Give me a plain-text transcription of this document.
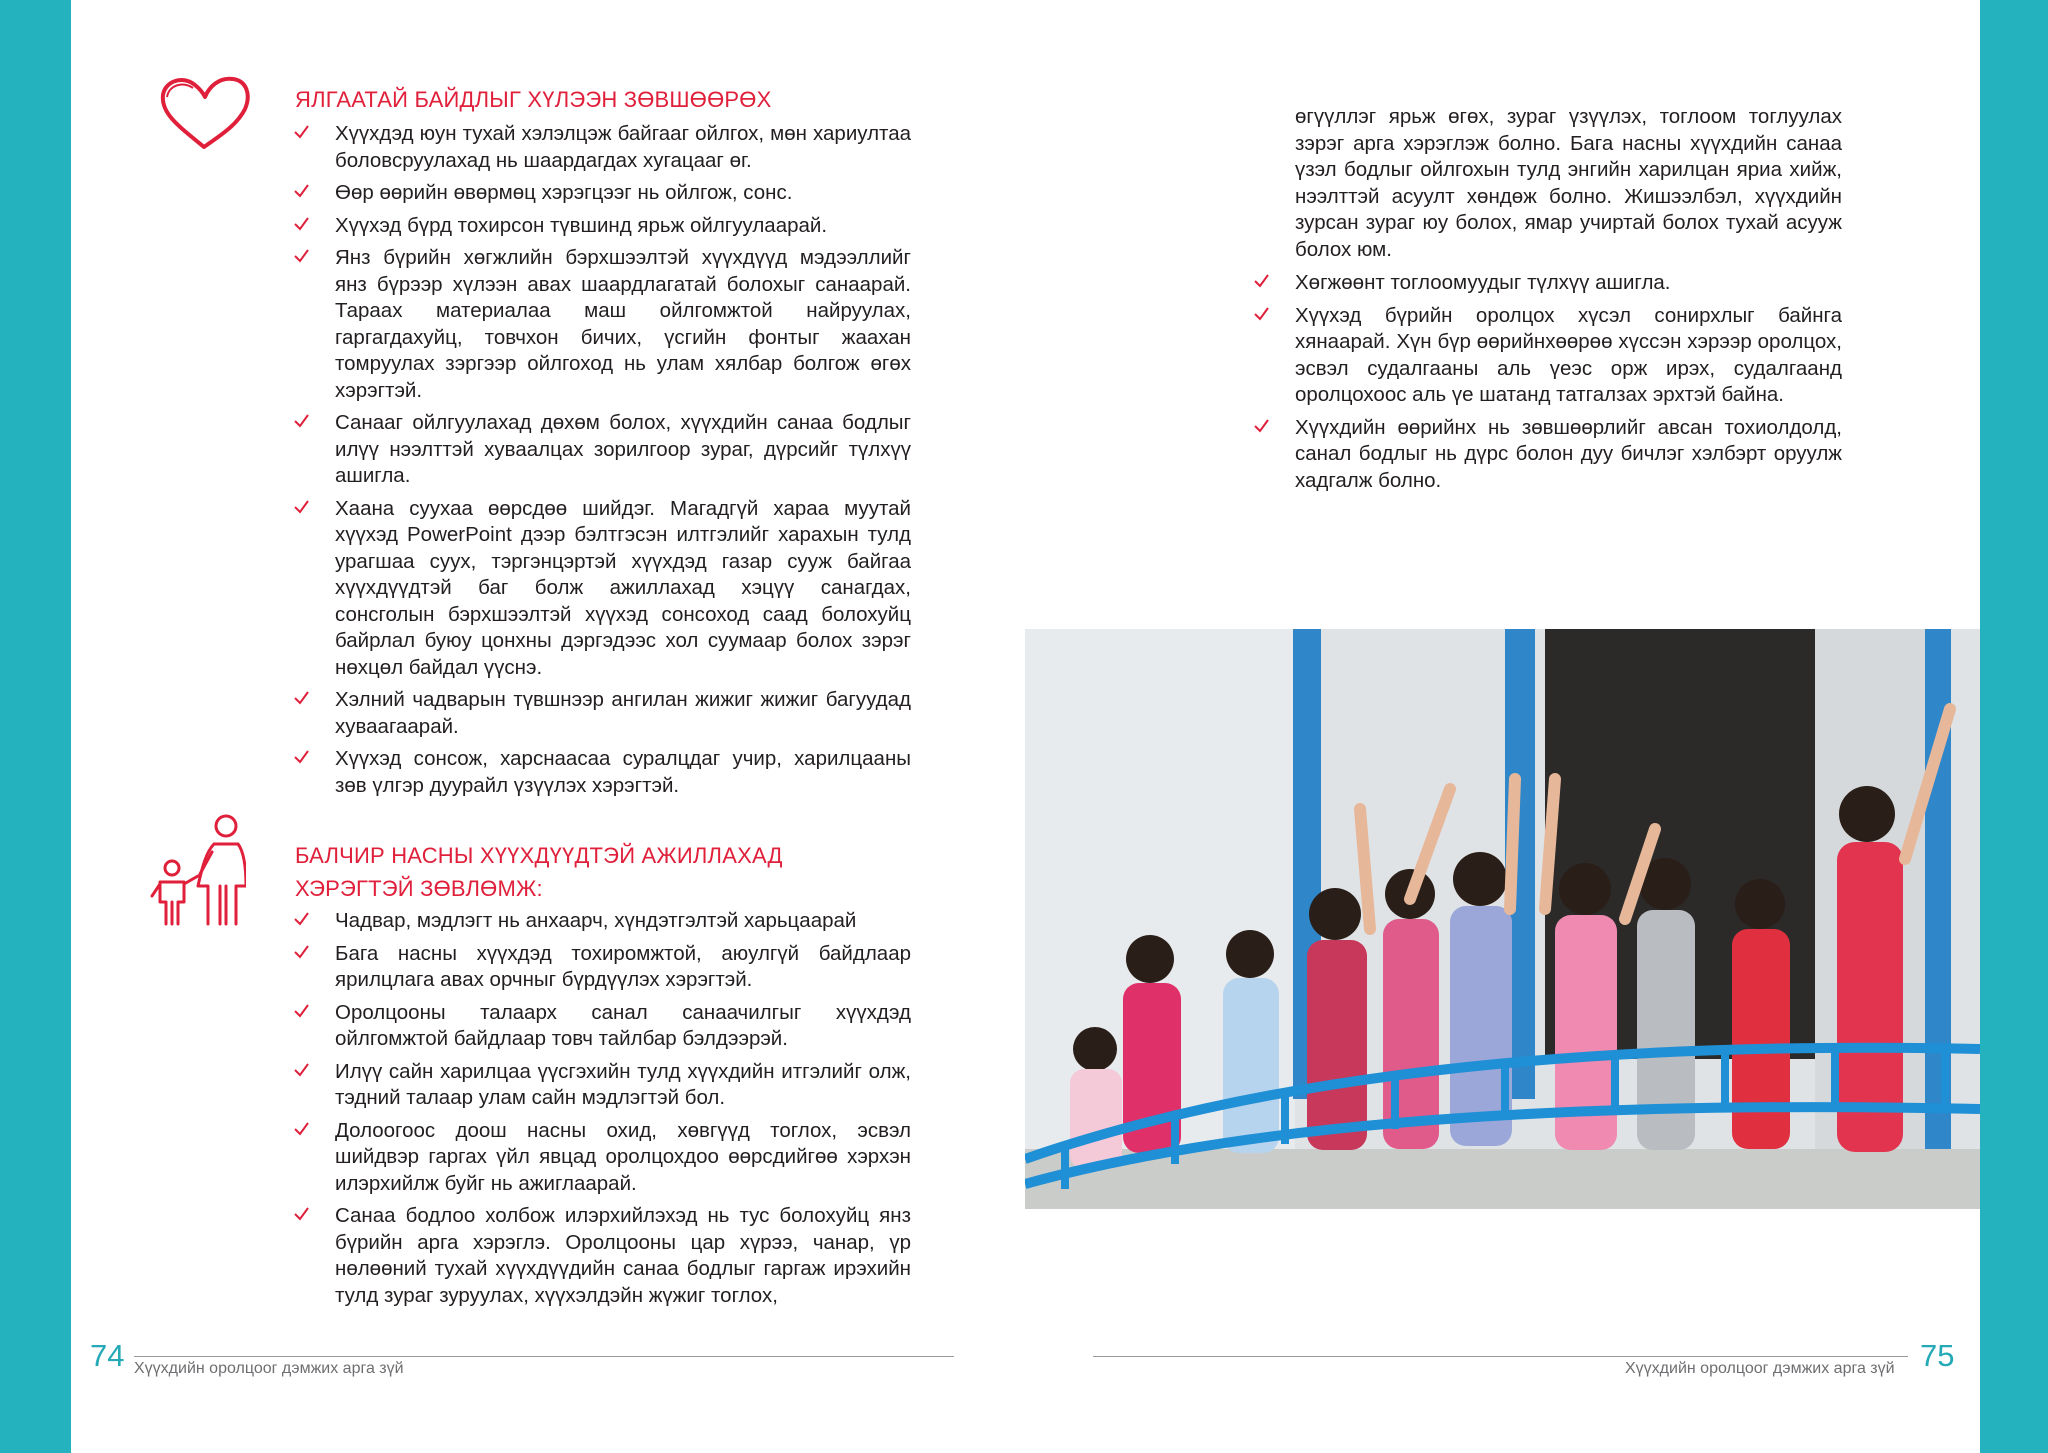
ЯЛГААТАЙ БАЙДЛЫГ ХҮЛЭЭН ЗӨВШӨӨРӨХ
Хүүхдэд юун тухай хэлэлцэж байгааг ойлгох, мөн хариултаа боловсруулахад нь шаардагдах хугацааг өг.
Өөр өөрийн өвөрмөц хэрэгцээг нь ойлгож, сонс.
Хүүхэд бүрд тохирсон түвшинд ярьж ойлгуулаарай.
Янз бүрийн хөгжлийн бэрхшээлтэй хүүхдүүд мэдээллийг янз бүрээр хүлээн авах шаардлагатай болохыг санаарай. Тараах материалаа маш ойлгомжтой найруулах, гаргагдахуйц, товчхон бичих, үсгийн фонтыг жаахан томруулах зэргээр ойлгоход нь улам хялбар болгож өгөх хэрэгтэй.
Санааг ойлгуулахад дөхөм болох, хүүхдийн санаа бодлыг илүү нээлттэй хуваалцах зорилгоор зураг, дүрсийг түлхүү ашигла.
Хаана суухаа өөрсдөө шийдэг. Магадгүй хараа муутай хүүхэд PowerPoint дээр бэлтгэсэн илтгэлийг харахын тулд урагшаа суух, тэргэнцэртэй хүүхдэд газар сууж байгаа хүүхдүүдтэй баг болж ажиллахад хэцүү санагдах, сонсголын бэрхшээлтэй хүүхэд сонсоход саад болохуйц байрлал буюу цонхны дэргэдээс хол суумаар болох зэрэг нөхцөл байдал үүснэ.
Хэлний чадварын түвшнээр ангилан жижиг жижиг багуудад хуваагаарай.
Хүүхэд сонсож, харснаасаа суралцдаг учир, харилцааны зөв үлгэр дуурайл үзүүлэх хэрэгтэй.
БАЛЧИР НАСНЫ ХҮҮХДҮҮДТЭЙ АЖИЛЛАХАД
ХЭРЭГТЭЙ ЗӨВЛӨМЖ:
Чадвар, мэдлэгт нь анхаарч, хүндэтгэлтэй харьцаарай
Бага насны хүүхдэд тохиромжтой, аюулгүй байдлаар ярилцлага авах орчныг бүрдүүлэх хэрэгтэй.
Оролцооны талаарх санал санаачилгыг хүүхдэд ойлгомжтой байдлаар товч тайлбар бэлдээрэй.
Илүү сайн харилцаа үүсгэхийн тулд хүүхдийн итгэлийг олж, тэдний талаар улам сайн мэдлэгтэй бол.
Долоогоос доош насны охид, хөвгүүд тоглох, эсвэл шийдвэр гаргах үйл явцад оролцохдоо өөрсдийгөө хэрхэн илэрхийлж буйг нь ажиглаарай.
Санаа бодлоо холбож илэрхийлэхэд нь тус болохуйц янз бүрийн арга хэрэглэ. Оролцооны цар хүрээ, чанар, үр нөлөөний тухай хүүхдүүдийн санаа бодлыг гаргаж ирэхийн тулд зураг зуруулах, хүүхэлдэйн жүжиг тоглох,
74 Хүүхдийн оролцоог дэмжих арга зүй

өгүүллэг ярьж өгөх, зураг үзүүлэх, тоглоом тоглуулах зэрэг арга хэрэглэж болно. Бага насны хүүхдийн санаа үзэл бодлыг ойлгохын тулд энгийн харилцан яриа хийж, нээлттэй асуулт хөндөж болно. Жишээлбэл, хүүхдийн зурсан зураг юу болох, ямар учиртай болох тухай асууж болох юм.

Хөгжөөнт тоглоомуудыг түлхүү ашигла.
Хүүхэд бүрийн оролцох хүсэл сонирхлыг байнга хянаарай. Хүн бүр өөрийнхөөрөө хүссэн хэрээр оролцох, эсвэл судалгааны аль үеэс орж ирэх, судалгаанд оролцохоос аль үе шатанд татгалзах эрхтэй байна.
Хүүхдийн өөрийнх нь зөвшөөрлийг авсан тохиолдолд, санал бодлыг нь дүрс болон дуу бичлэг хэлбэрт оруулж хадгалж болно.
Хүүхдийн оролцоог дэмжих арга зүй 75
